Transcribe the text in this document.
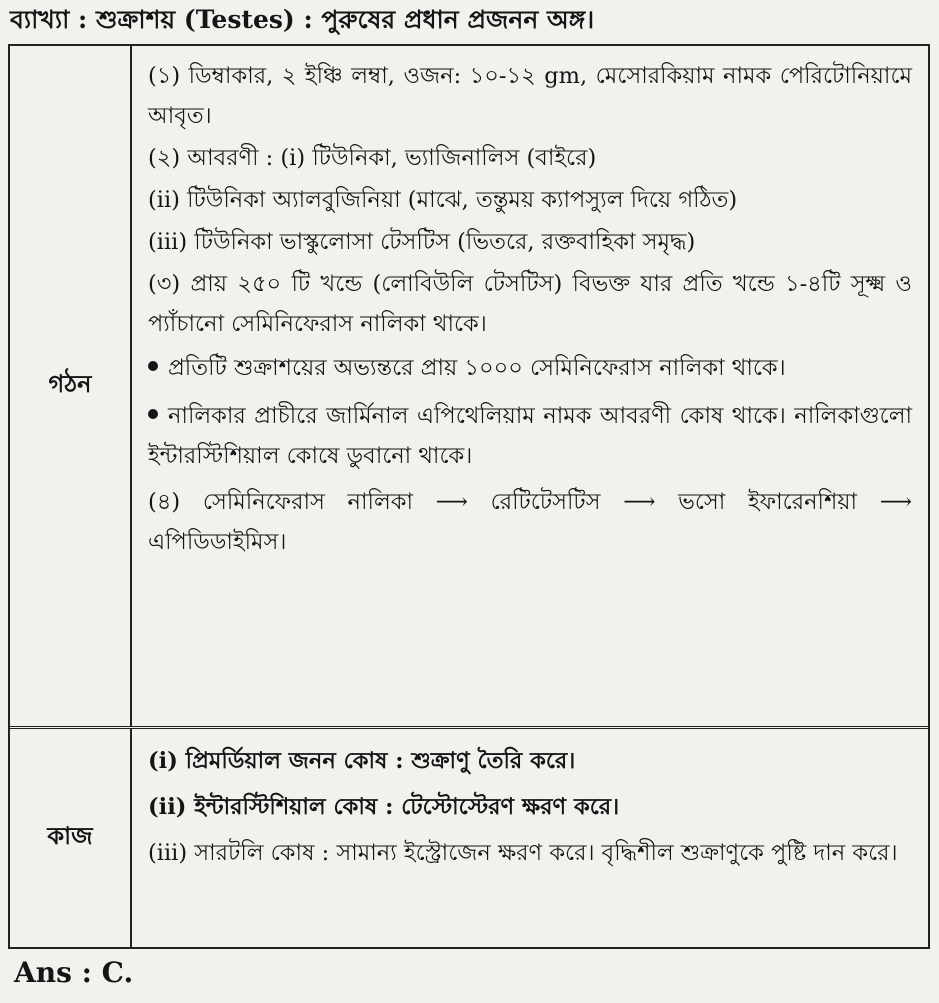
ব্যাখ্যা : শুক্রাশয় (Testes) : পুরুষের প্রধান প্রজনন অঙ্গ।
গঠন

(১) ডিম্বাকার, ২ ইঞ্চি লম্বা, ওজন: ১০-১২ gm, মেসোরকিয়াম নামক পেরিটোনিয়ামে আবৃত।

(২) আবরণী : (i) টিউনিকা, ভ্যাজিনালিস (বাইরে)

(ii) টিউনিকা অ্যালবুজিনিয়া (মাঝে, তন্তুময় ক্যাপস্যুল দিয়ে গঠিত)

(iii) টিউনিকা ভাস্কুলোসা টেসটিস (ভিতরে, রক্তবাহিকা সমৃদ্ধ)

(৩) প্রায় ২৫০ টি খন্ডে (লোবিউলি টেসটিস) বিভক্ত যার প্রতি খন্ডে ১-৪টি সূক্ষ্ম ও প্যাঁচানো সেমিনিফেরাস নালিকা থাকে।

প্রতিটি শুক্রাশয়ের অভ্যন্তরে প্রায় ১০০০ সেমিনিফেরাস নালিকা থাকে।

নালিকার প্রাচীরে জার্মিনাল এপিথেলিয়াম নামক আবরণী কোষ থাকে। নালিকাগুলো ইন্টারস্টিশিয়াল কোষে ডুবানো থাকে।

(৪) সেমিনিফেরাস নালিকা ⟶ রেটিটেসটিস ⟶ ভসো ইফারেনশিয়া ⟶ এপিডিডাইমিস।

কাজ

(i) প্রিমর্ডিয়াল জনন কোষ : শুক্রাণু তৈরি করে।

(ii) ইন্টারস্টিশিয়াল কোষ : টেস্টোস্টেরণ ক্ষরণ করে।

(iii) সারটলি কোষ : সামান্য ইস্ট্রোজেন ক্ষরণ করে। বৃদ্ধিশীল শুক্রাণুকে পুষ্টি দান করে।

Ans : C.
